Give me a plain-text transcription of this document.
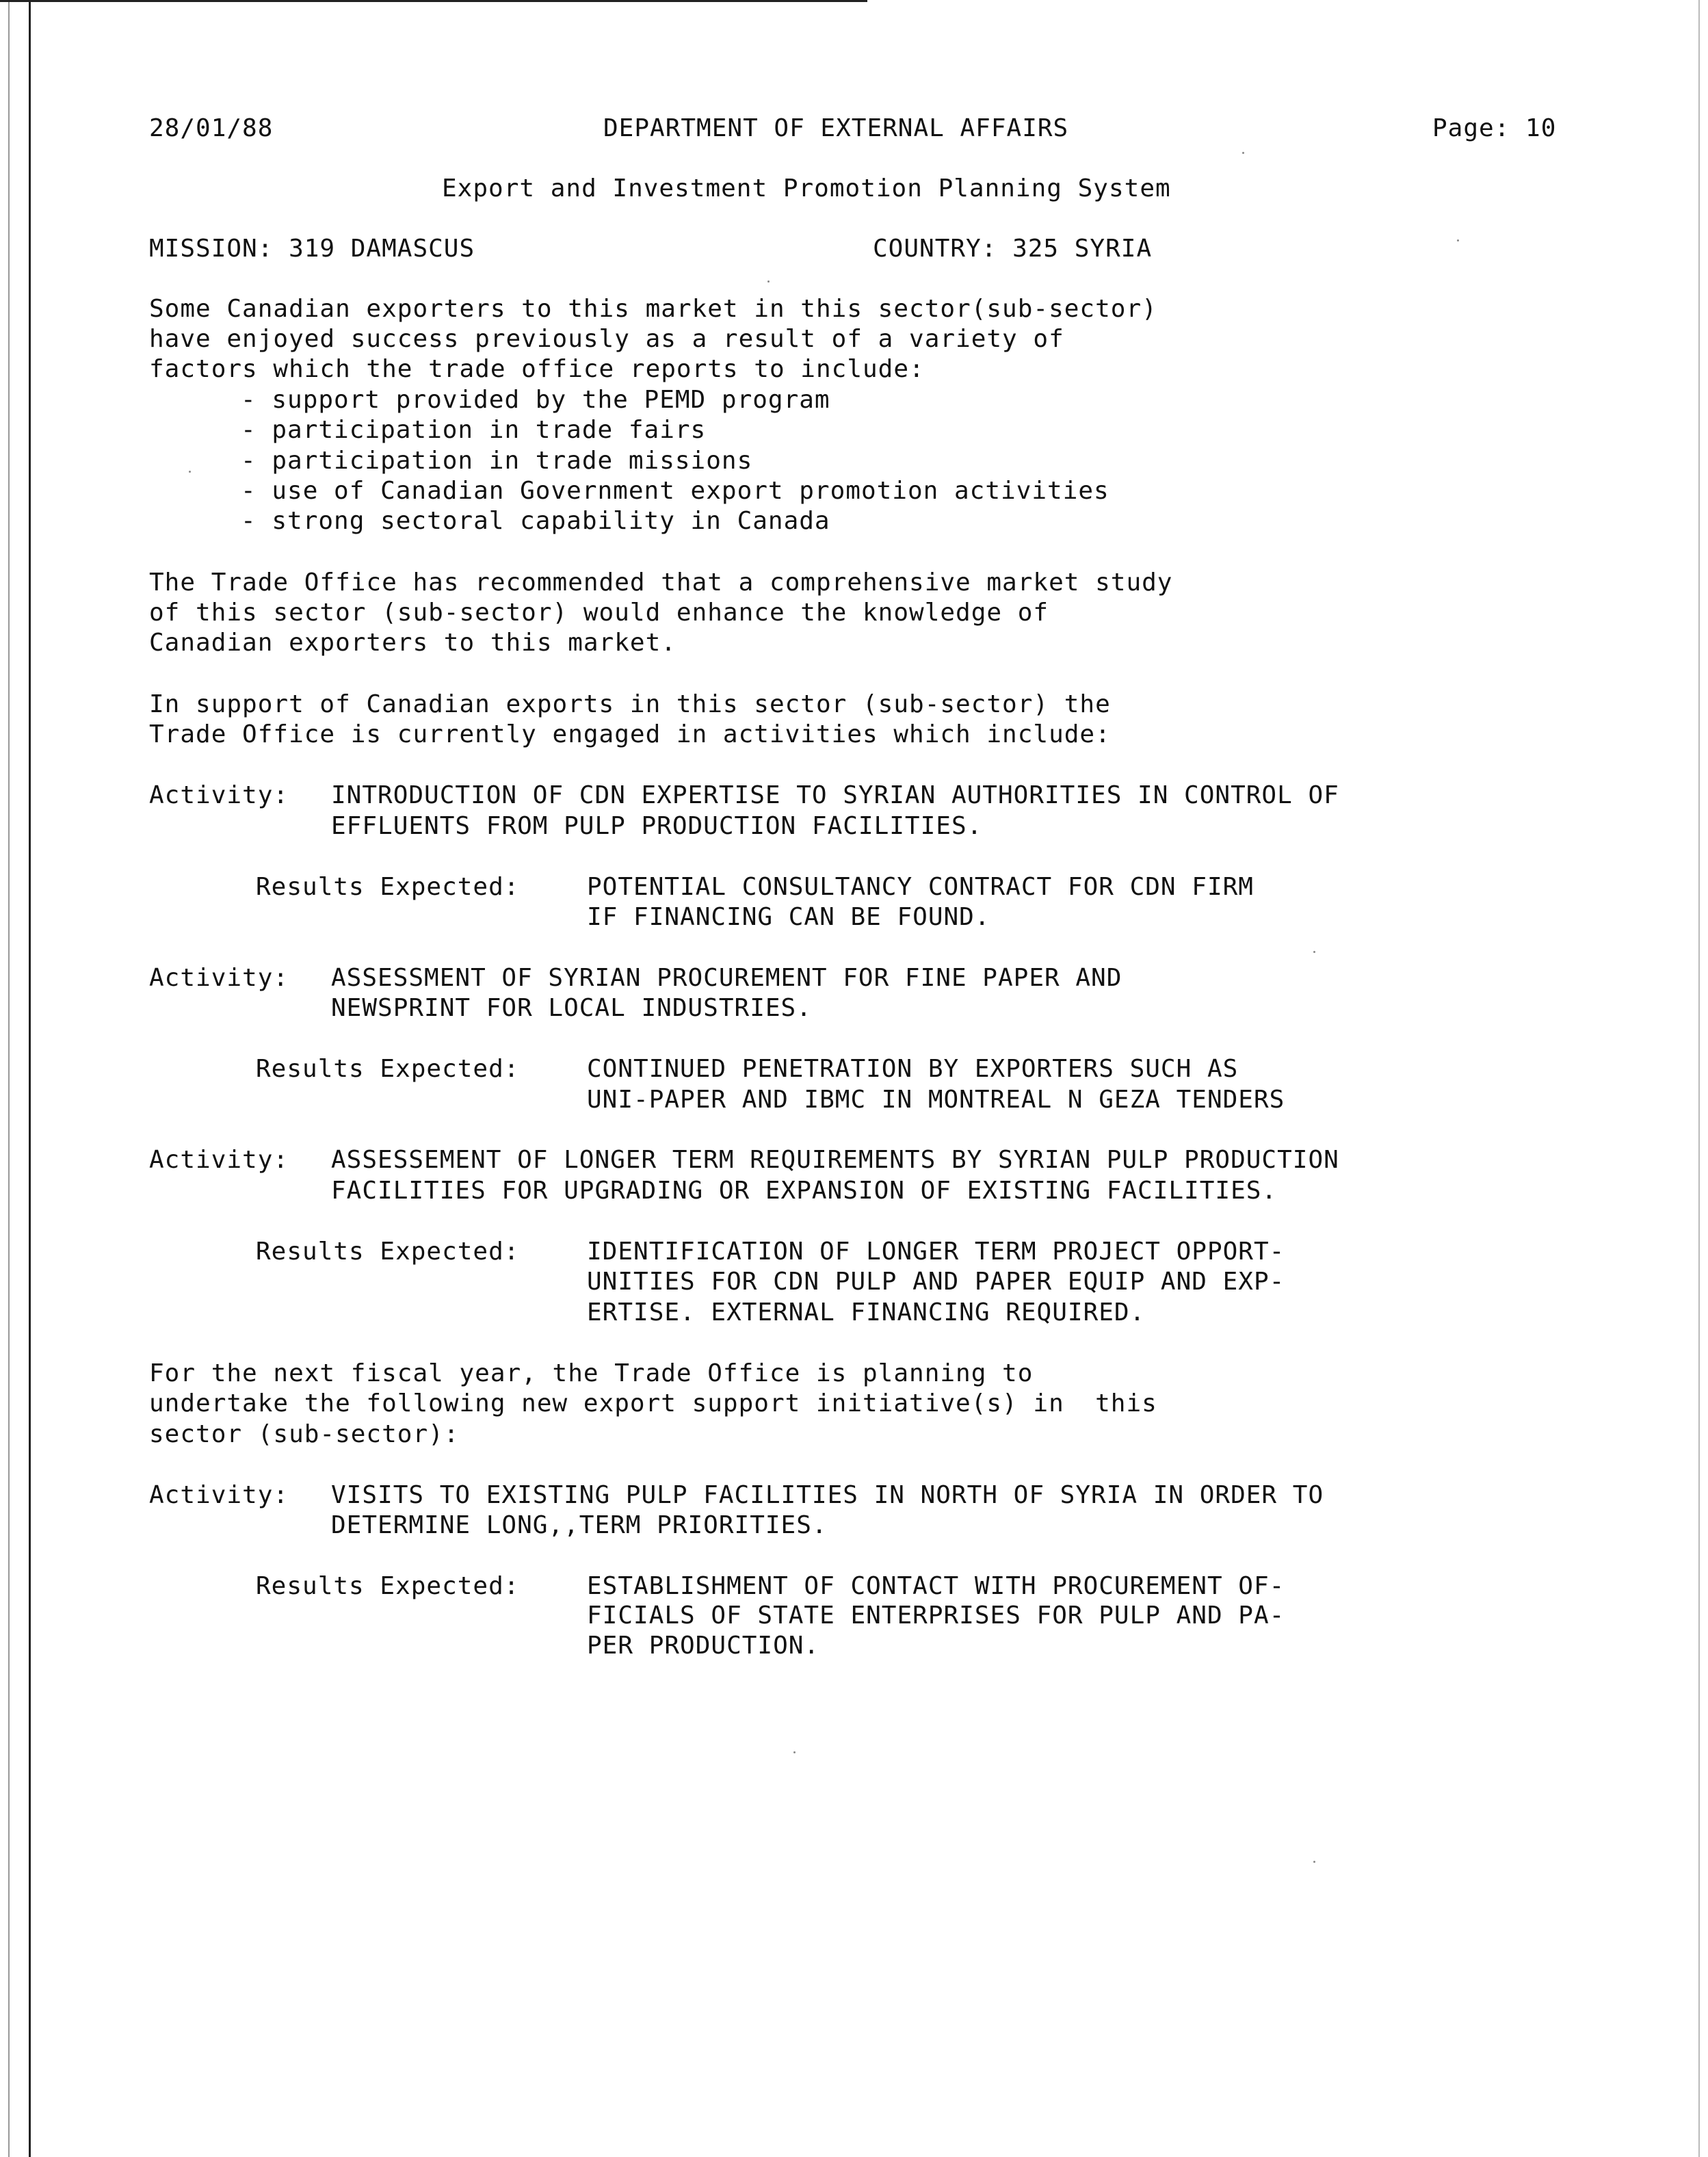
28/01/88	DEPARTMENT OF EXTERNAL AFFAIRS	Page: 10
Export and Investment Promotion Planning System
MISSION: 319 DAMASCUS	COUNTRY: 325 SYRIA
Some Canadian exporters to this market in this sector(sub-sector)
have enjoyed success previously as a result of a variety of
factors which the trade office reports to include:
- support provided by the PEMD program
- participation in trade fairs
- participation in trade missions
- use of Canadian Government export promotion activities
- strong sectoral capability in Canada
The Trade Office has recommended that a comprehensive market study
of this sector (sub-sector) would enhance the knowledge of
Canadian exporters to this market.
In support of Canadian exports in this sector (sub-sector) the
Trade Office is currently engaged in activities which include:
Activity: INTRODUCTION OF CDN EXPERTISE TO SYRIAN AUTHORITIES IN CONTROL OF
EFFLUENTS FROM PULP PRODUCTION FACILITIES.
Results Expected:	POTENTIAL CONSULTANCY CONTRACT FOR CDN FIRM
IF FINANCING CAN BE FOUND.
Activity: ASSESSMENT OF SYRIAN PROCUREMENT FOR FINE PAPER AND
NEWSPRINT FOR LOCAL INDUSTRIES.
Results Expected:	CONTINUED PENETRATION BY EXPORTERS SUCH AS
UNI-PAPER AND IBMC IN MONTREAL N GEZA TENDERS
Activity: ASSESSEMENT OF LONGER TERM REQUIREMENTS BY SYRIAN PULP PRODUCTION
FACILITIES FOR UPGRADING OR EXPANSION OF EXISTING FACILITIES.
Results Expected:	IDENTIFICATION OF LONGER TERM PROJECT OPPORT-
UNITIES FOR CDN PULP AND PAPER EQUIP AND EXP-
ERTISE. EXTERNAL FINANCING REQUIRED.
For the next fiscal year, the Trade Office is planning to
undertake the following new export support initiative(s) in  this
sector (sub-sector):
Activity: VISITS TO EXISTING PULP FACILITIES IN NORTH OF SYRIA IN ORDER TO
DETERMINE LONG,,TERM PRIORITIES.
Results Expected:	ESTABLISHMENT OF CONTACT WITH PROCUREMENT OF-
FICIALS OF STATE ENTERPRISES FOR PULP AND PA-
PER PRODUCTION.
